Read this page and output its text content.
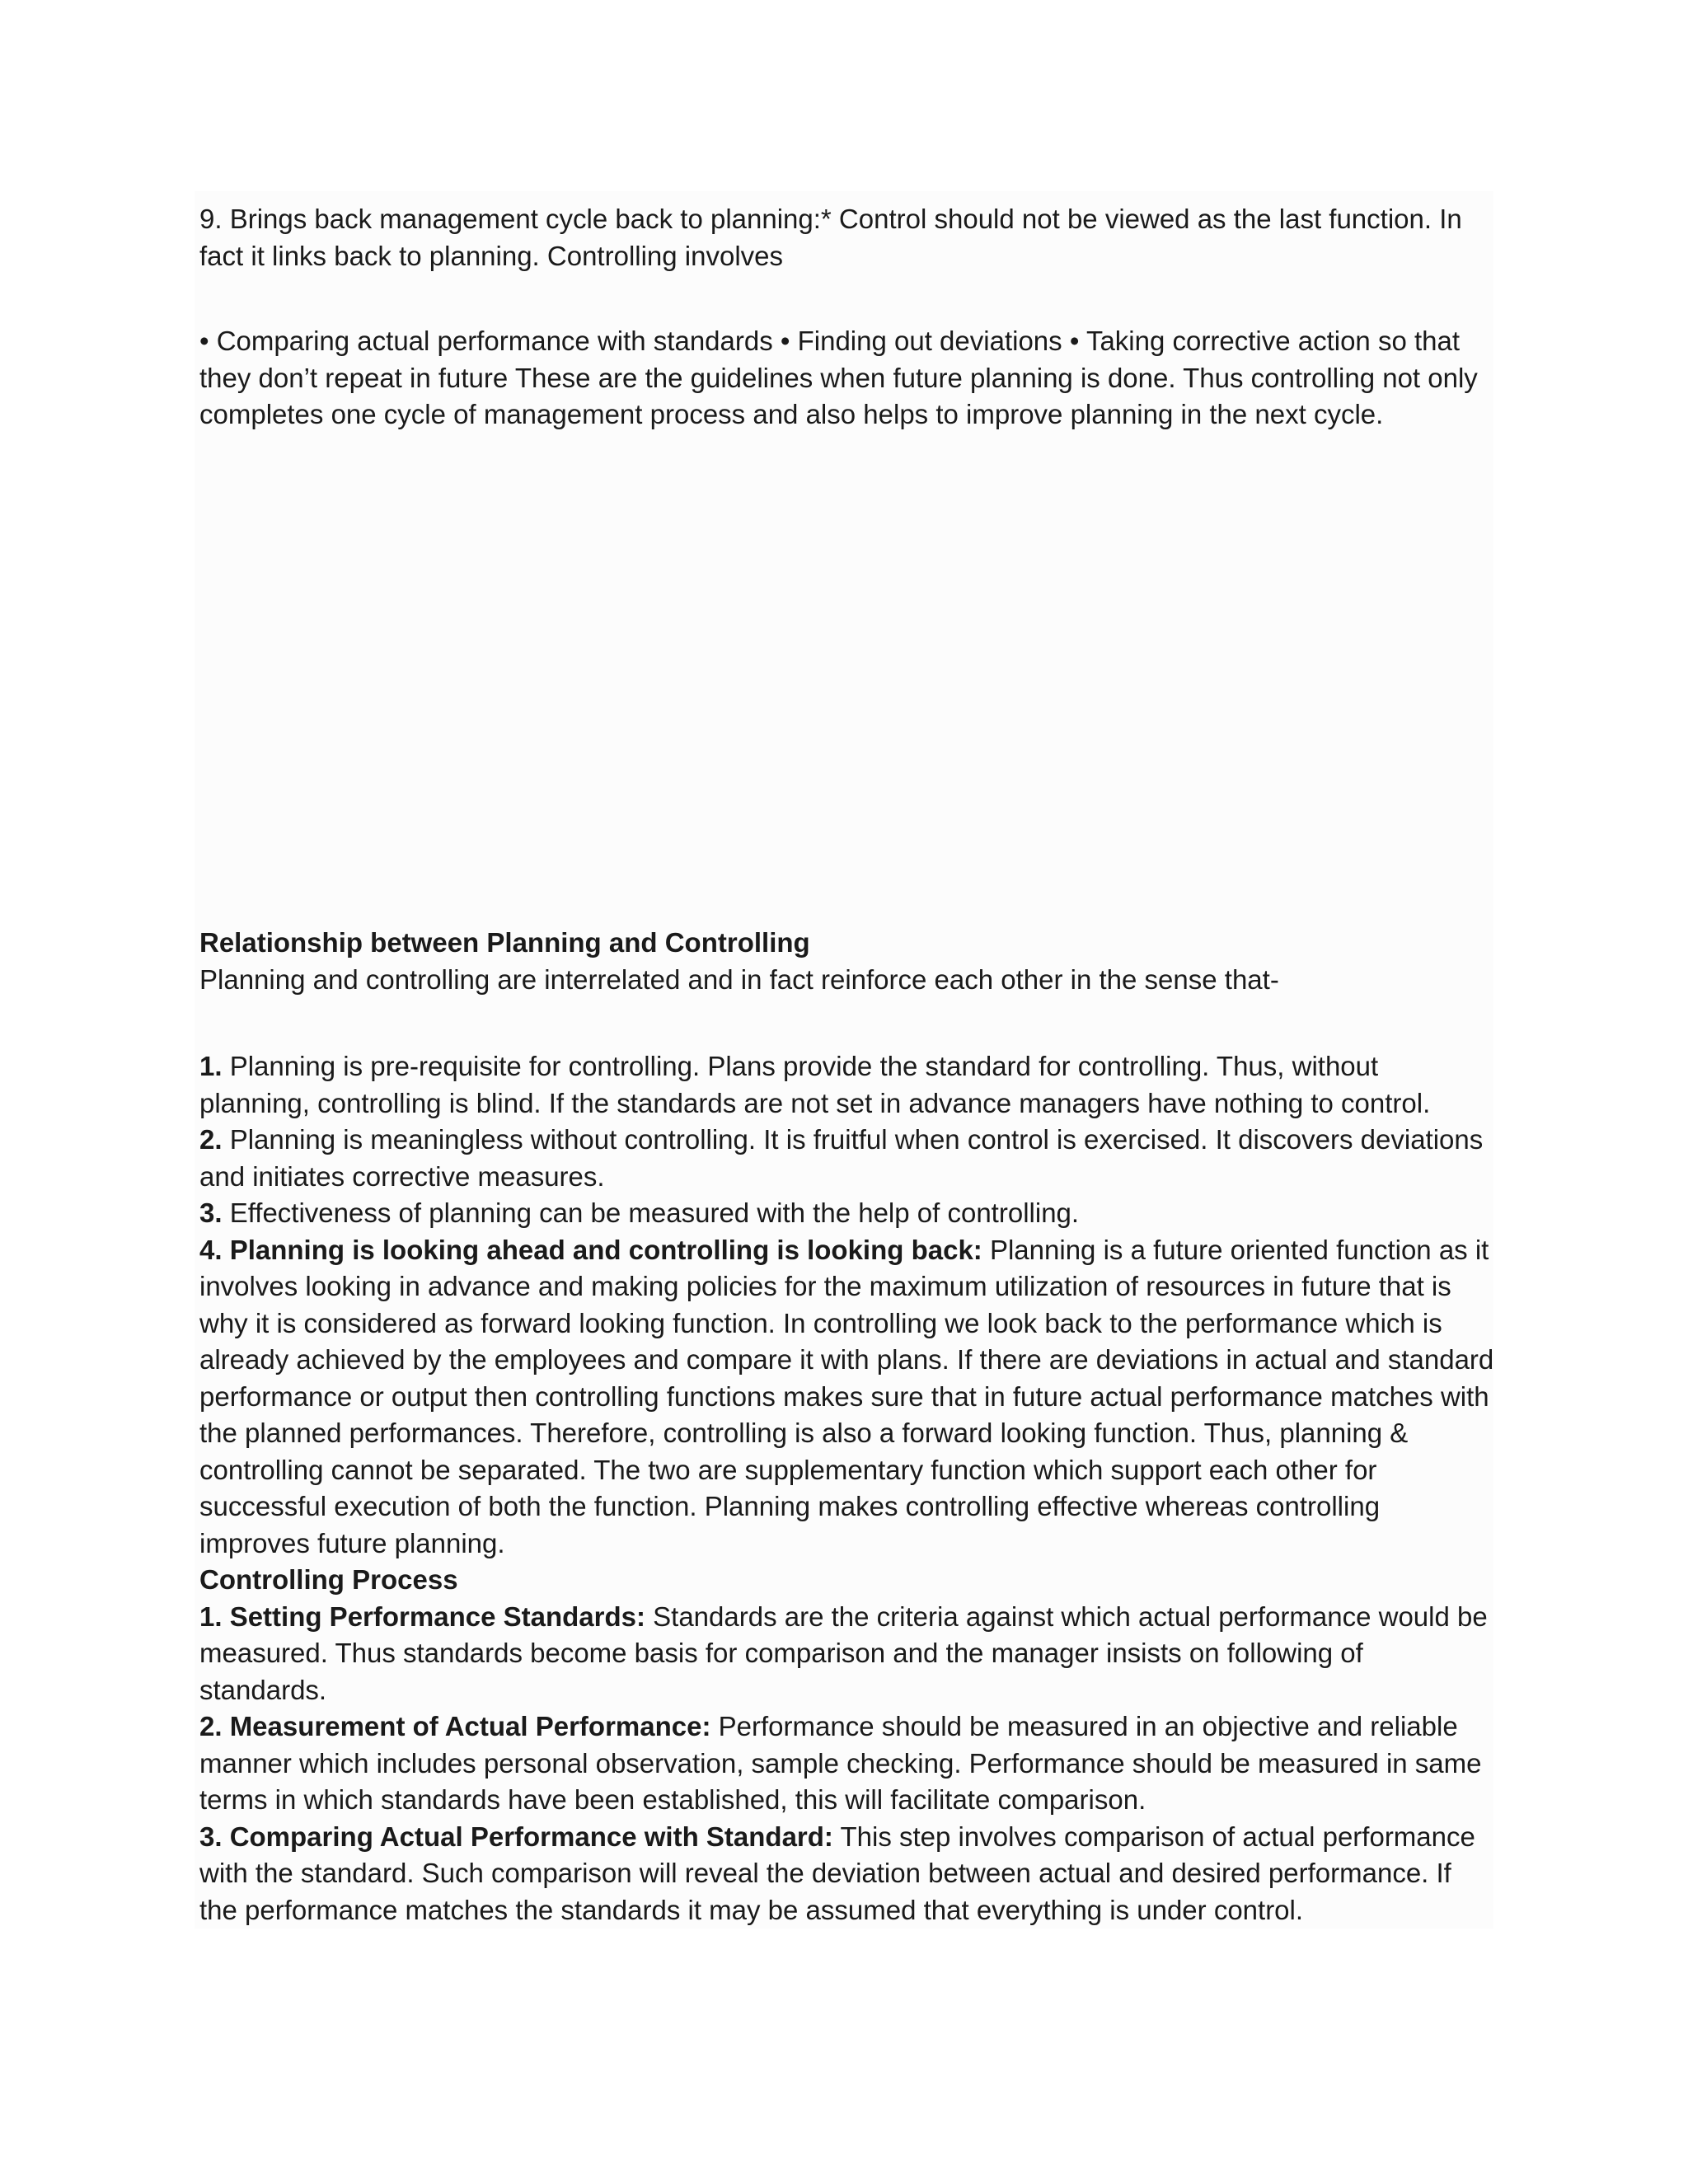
9. Brings back management cycle back to planning:* Control should not be viewed as the last function. In fact it links back to planning. Controlling involves

• Comparing actual performance with standards • Finding out deviations • Taking corrective action so that they don’t repeat in future These are the guidelines when future planning is done. Thus controlling not only completes one cycle of management process and also helps to improve planning in the next cycle.

Relationship between Planning and Controlling
Planning and controlling are interrelated and in fact reinforce each other in the sense that-
1. Planning is pre-requisite for controlling. Plans provide the standard for controlling. Thus, without planning, controlling is blind. If the standards are not set in advance managers have nothing to control.
2. Planning is meaningless without controlling. It is fruitful when control is exercised. It discovers deviations and initiates corrective measures.
3. Effectiveness of planning can be measured with the help of controlling.
4. Planning is looking ahead and controlling is looking back: Planning is a future oriented function as it involves looking in advance and making policies for the maximum utilization of resources in future that is why it is considered as forward looking function. In controlling we look back to the performance which is already achieved by the employees and compare it with plans. If there are deviations in actual and standard performance or output then controlling functions makes sure that in future actual performance matches with the planned performances. Therefore, controlling is also a forward looking function. Thus, planning & controlling cannot be separated. The two are supplementary function which support each other for successful execution of both the function. Planning makes controlling effective whereas controlling improves future planning.
Controlling Process
1. Setting Performance Standards: Standards are the criteria against which actual performance would be measured. Thus standards become basis for comparison and the manager insists on following of standards.
2. Measurement of Actual Performance: Performance should be measured in an objective and reliable manner which includes personal observation, sample checking. Performance should be measured in same terms in which standards have been established, this will facilitate comparison.
3. Comparing Actual Performance with Standard: This step involves comparison of actual performance with the standard. Such comparison will reveal the deviation between actual and desired performance. If the performance matches the standards it may be assumed that everything is under control.
